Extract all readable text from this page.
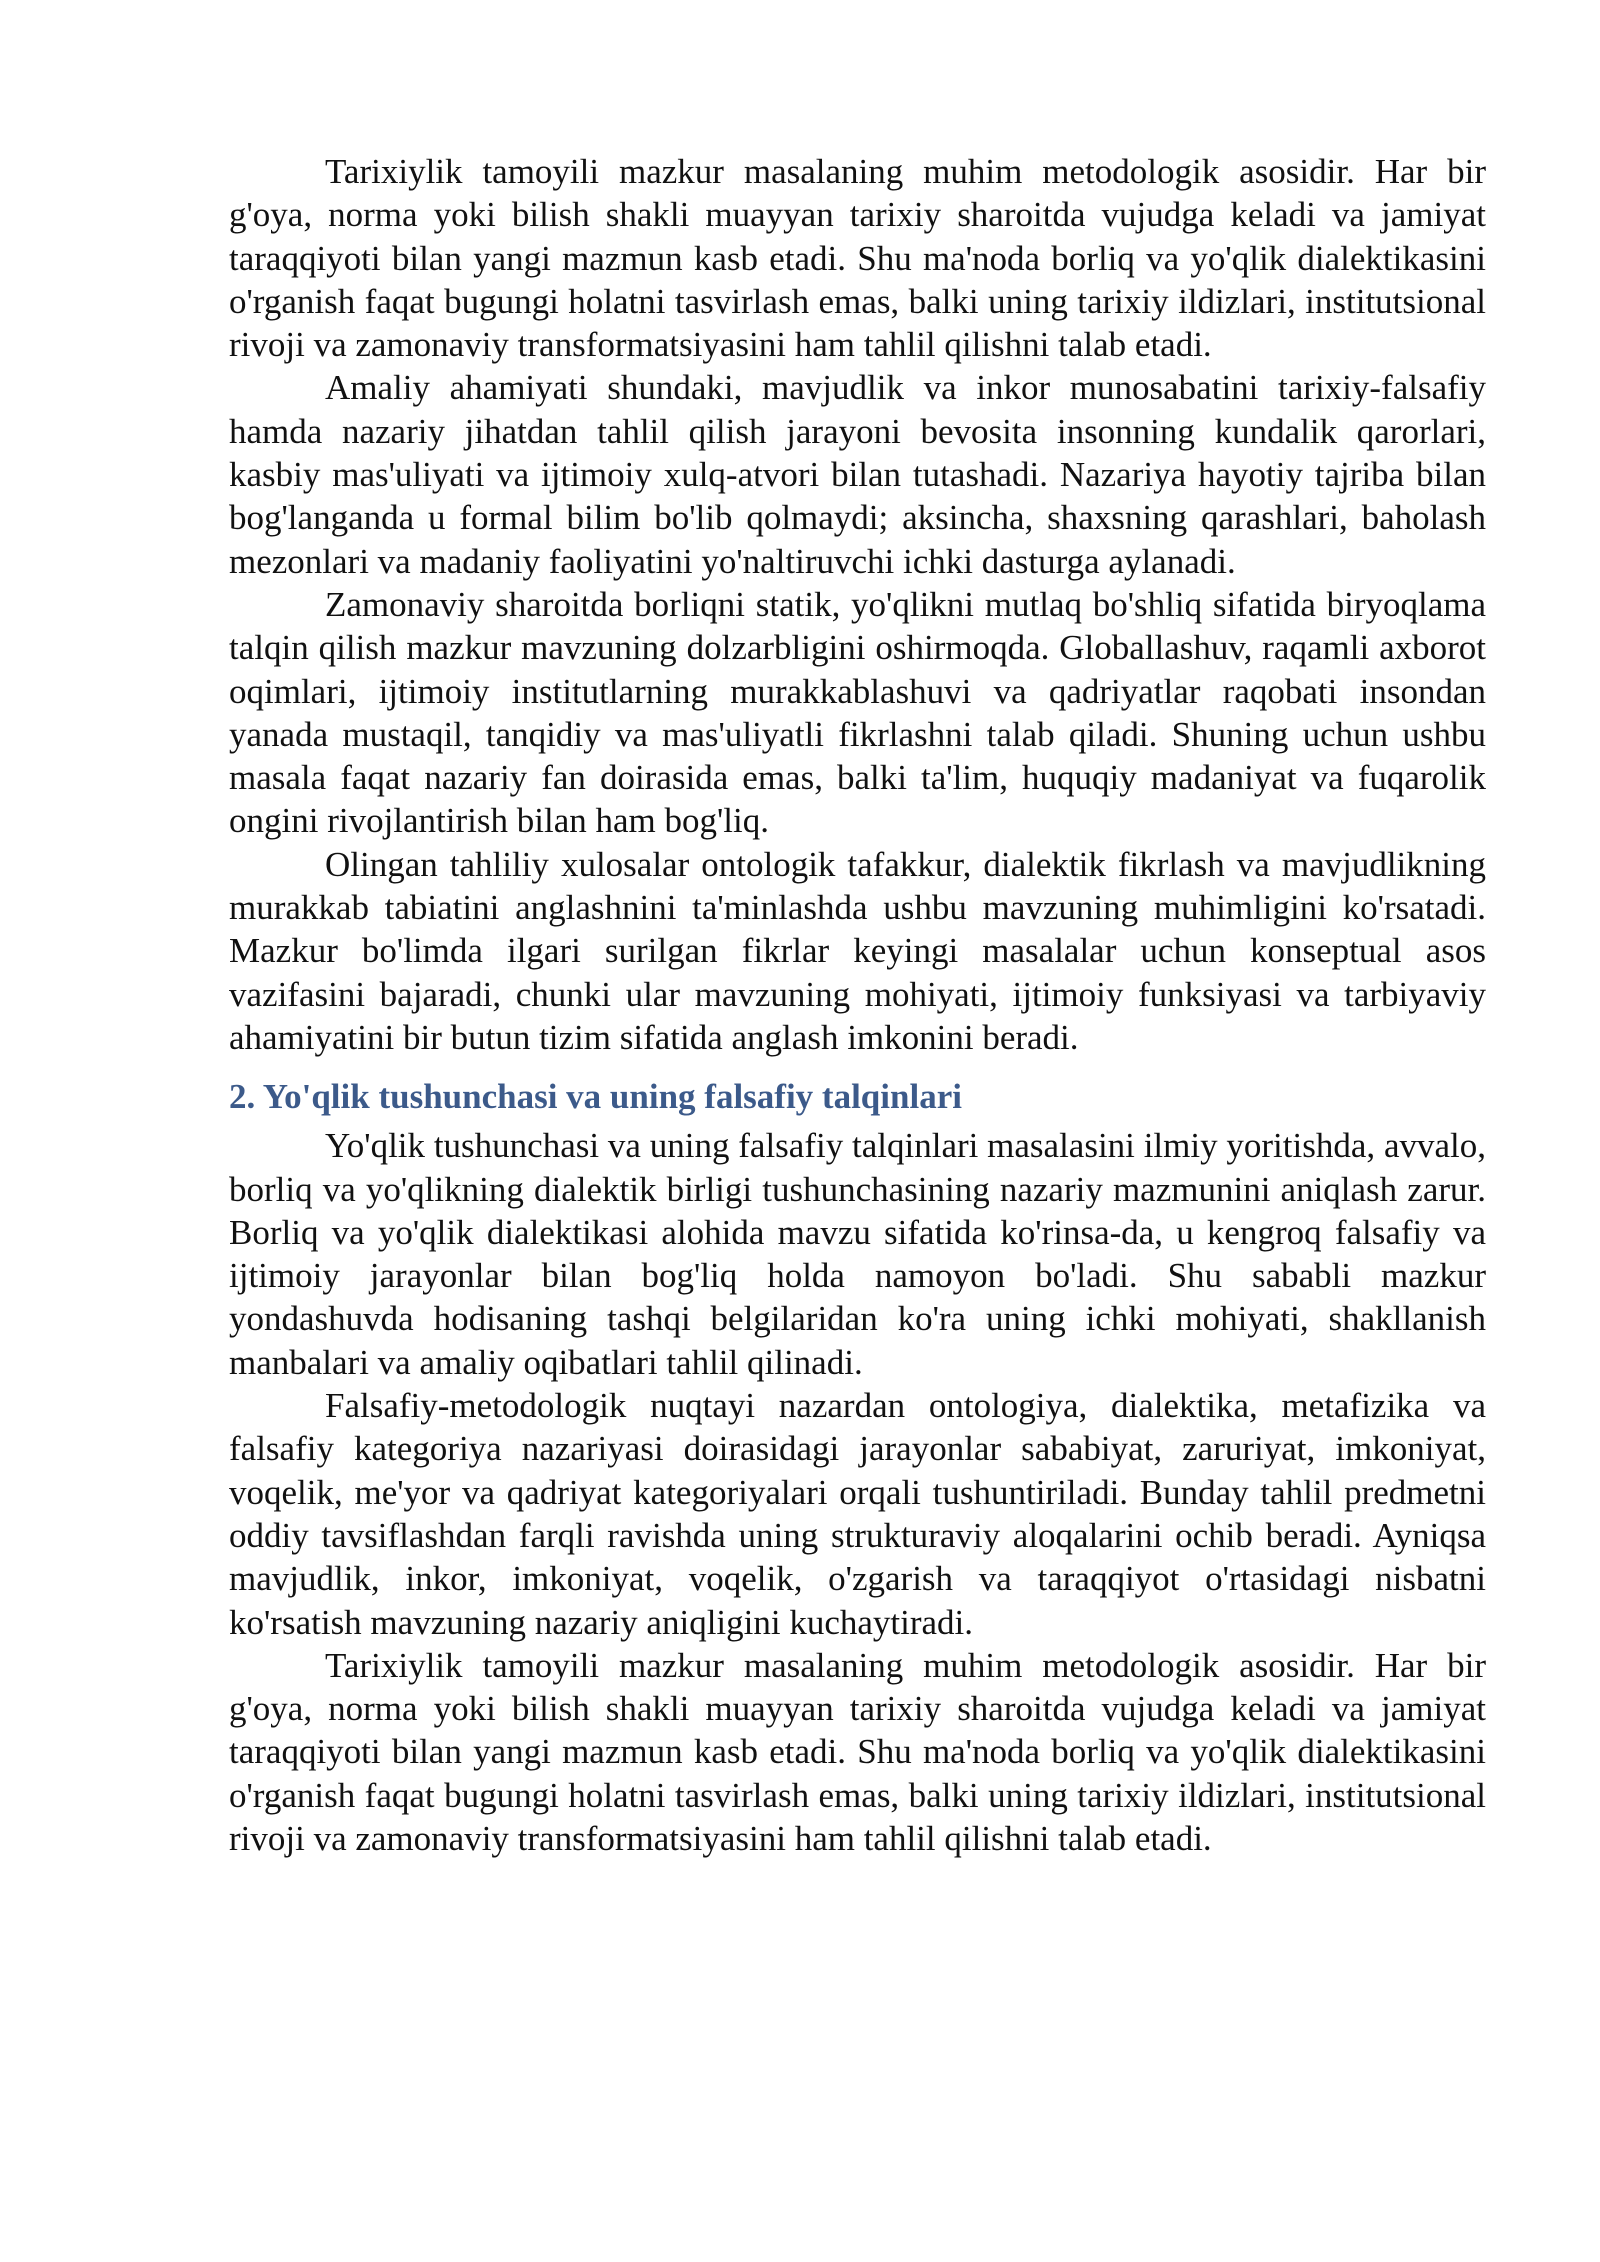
Tarixiylik tamoyili mazkur masalaning muhim metodologik asosidir. Har bir g'oya, norma yoki bilish shakli muayyan tarixiy sharoitda vujudga keladi va jamiyat taraqqiyoti bilan yangi mazmun kasb etadi. Shu ma'noda borliq va yo'qlik dialektikasini o'rganish faqat bugungi holatni tasvirlash emas, balki uning tarixiy ildizlari, institutsional rivoji va zamonaviy transformatsiyasini ham tahlil qilishni talab etadi.

Amaliy ahamiyati shundaki, mavjudlik va inkor munosabatini tarixiy-falsafiy hamda nazariy jihatdan tahlil qilish jarayoni bevosita insonning kundalik qarorlari, kasbiy mas'uliyati va ijtimoiy xulq-atvori bilan tutashadi. Nazariya hayotiy tajriba bilan bog'langanda u formal bilim bo'lib qolmaydi; aksincha, shaxsning qarashlari, baholash mezonlari va madaniy faoliyatini yo'naltiruvchi ichki dasturga aylanadi.

Zamonaviy sharoitda borliqni statik, yo'qlikni mutlaq bo'shliq sifatida biryoqlama talqin qilish mazkur mavzuning dolzarbligini oshirmoqda. Globallashuv, raqamli axborot oqimlari, ijtimoiy institutlarning murakkablashuvi va qadriyatlar raqobati insondan yanada mustaqil, tanqidiy va mas'uliyatli fikrlashni talab qiladi. Shuning uchun ushbu masala faqat nazariy fan doirasida emas, balki ta'lim, huquqiy madaniyat va fuqarolik ongini rivojlantirish bilan ham bog'liq.

Olingan tahliliy xulosalar ontologik tafakkur, dialektik fikrlash va mavjudlikning murakkab tabiatini anglashnini ta'minlashda ushbu mavzuning muhimligini ko'rsatadi. Mazkur bo'limda ilgari surilgan fikrlar keyingi masalalar uchun konseptual asos vazifasini bajaradi, chunki ular mavzuning mohiyati, ijtimoiy funksiyasi va tarbiyaviy ahamiyatini bir butun tizim sifatida anglash imkonini beradi.

2. Yo'qlik tushunchasi va uning falsafiy talqinlari

Yo'qlik tushunchasi va uning falsafiy talqinlari masalasini ilmiy yoritishda, avvalo, borliq va yo'qlikning dialektik birligi tushunchasining nazariy mazmunini aniqlash zarur. Borliq va yo'qlik dialektikasi alohida mavzu sifatida ko'rinsa-da, u kengroq falsafiy va ijtimoiy jarayonlar bilan bog'liq holda namoyon bo'ladi. Shu sababli mazkur yondashuvda hodisaning tashqi belgilaridan ko'ra uning ichki mohiyati, shakllanish manbalari va amaliy oqibatlari tahlil qilinadi.

Falsafiy-metodologik nuqtayi nazardan ontologiya, dialektika, metafizika va falsafiy kategoriya nazariyasi doirasidagi jarayonlar sababiyat, zaruriyat, imkoniyat, voqelik, me'yor va qadriyat kategoriyalari orqali tushuntiriladi. Bunday tahlil predmetni oddiy tavsiflashdan farqli ravishda uning strukturaviy aloqalarini ochib beradi. Ayniqsa mavjudlik, inkor, imkoniyat, voqelik, o'zgarish va taraqqiyot o'rtasidagi nisbatni ko'rsatish mavzuning nazariy aniqligini kuchaytiradi.

Tarixiylik tamoyili mazkur masalaning muhim metodologik asosidir. Har bir g'oya, norma yoki bilish shakli muayyan tarixiy sharoitda vujudga keladi va jamiyat taraqqiyoti bilan yangi mazmun kasb etadi. Shu ma'noda borliq va yo'qlik dialektikasini o'rganish faqat bugungi holatni tasvirlash emas, balki uning tarixiy ildizlari, institutsional rivoji va zamonaviy transformatsiyasini ham tahlil qilishni talab etadi.
